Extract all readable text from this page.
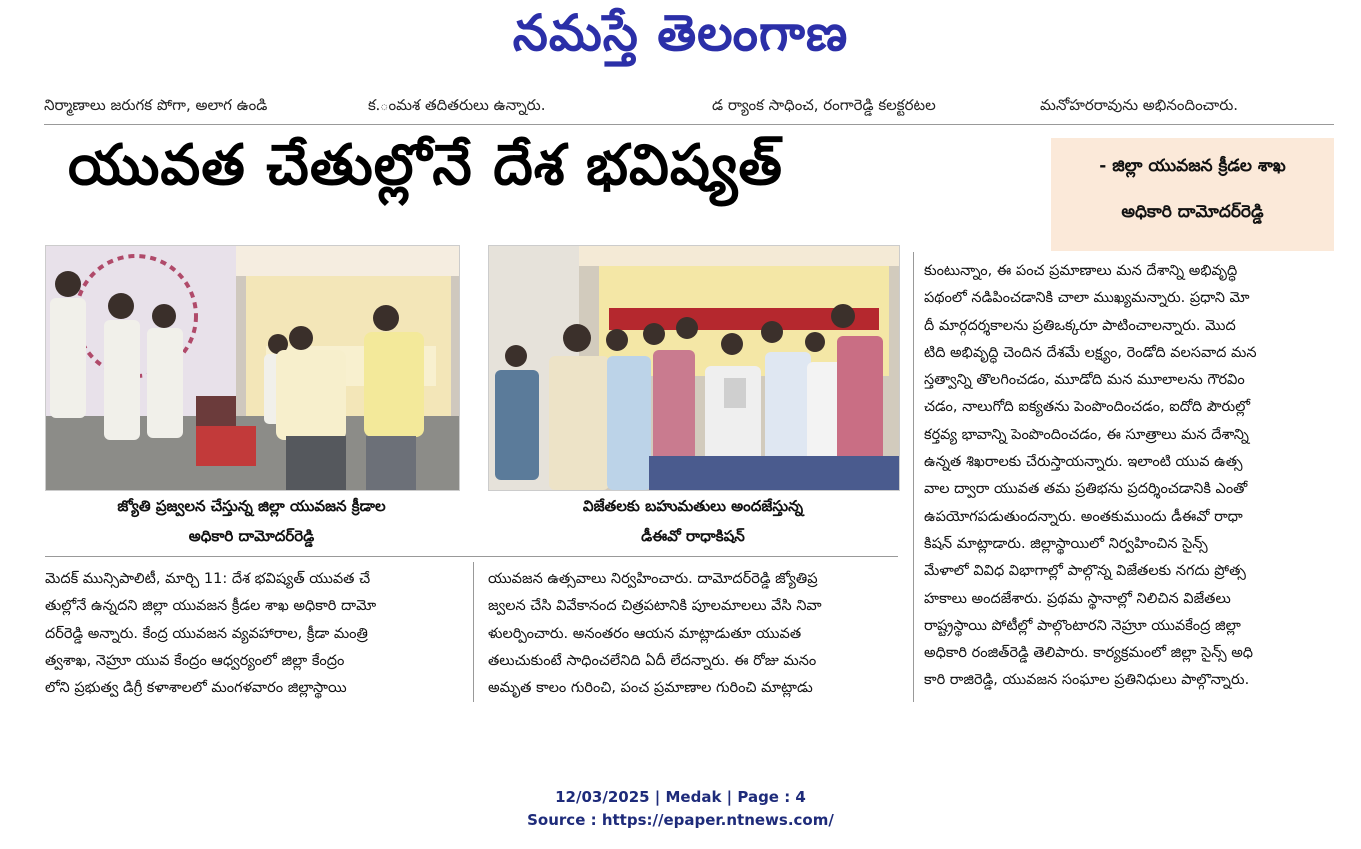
నమస్తే తెలంగాణ
నిర్మాణాలు జరుగక పోగా, అలాగ ఉండి	క.ంమశ తదితరులు ఉన్నారు.	డ ర్యాంక సాధించ, రంగారెడ్డి కలక్టరటల	మనోహరరావును అభినందించారు.
యువత చేతుల్లోనే దేశ భవిష్యత్	- జిల్లా యువజన క్రీడల శాఖ
అధికారి దామోదర్‌రెడ్డి
జ్యోతి ప్రజ్వలన చేస్తున్న జిల్లా యువజన క్రీడాల
అధికారి దామోదర్‌రెడ్డి
విజేతలకు బహుమతులు అందజేస్తున్న
డీఈవో రాధాకిషన్
మెదక్ మున్సిపాలిటీ, మార్చి 11: దేశ భవిష్యత్ యువత చే
తుల్లోనే ఉన్నదని జిల్లా యువజన క్రీడల శాఖ అధికారి దామో
దర్‌రెడ్డి అన్నారు. కేంద్ర యువజన వ్యవహారాల, క్రీడా మంత్రి
త్వశాఖ, నెహ్రూ యువ కేంద్రం ఆధ్వర్యంలో జిల్లా కేంద్రం
లోని ప్రభుత్వ డిగ్రీ కళాశాలలో మంగళవారం జిల్లాస్థాయి
యువజన ఉత్సవాలు నిర్వహించారు. దామోదర్‌రెడ్డి జ్యోతిప్ర
జ్వలన చేసి వివేకానంద చిత్రపటానికి పూలమాలలు వేసి నివా
ళులర్పించారు. అనంతరం ఆయన మాట్లాడుతూ యువత
తలుచుకుంటే సాధించలేనిది ఏదీ లేదన్నారు. ఈ రోజు మనం
అమృత కాలం గురించి, పంచ ప్రమాణాల గురించి మాట్లాడు
కుంటున్నాం, ఈ పంచ ప్రమాణాలు మన దేశాన్ని అభివృద్ధి
పథంలో నడిపించడానికి చాలా ముఖ్యమన్నారు. ప్రధాని మో
దీ మార్గదర్శకాలను ప్రతిఒక్కరూ పాటించాలన్నారు. మొద
టిది అభివృద్ధి చెందిన దేశమే లక్ష్యం, రెండోది వలసవాద మన
స్తత్వాన్ని తొలగించడం, మూడోది మన మూలాలను గౌరవిం
చడం, నాలుగోది ఐక్యతను పెంపొందించడం, ఐదోది పౌరుల్లో
కర్తవ్య భావాన్ని పెంపొందించడం, ఈ సూత్రాలు మన దేశాన్ని
ఉన్నత శిఖరాలకు చేరుస్తాయన్నారు. ఇలాంటి యువ ఉత్స
వాల ద్వారా యువత తమ ప్రతిభను ప్రదర్శించడానికి ఎంతో
ఉపయోగపడుతుందన్నారు. అంతకుముందు డీఈవో రాధా
కిషన్ మాట్లాడారు. జిల్లాస్థాయిలో నిర్వహించిన సైన్స్
మేళాలో వివిధ విభాగాల్లో పాల్గొన్న విజేతలకు నగదు ప్రోత్స
హకాలు అందజేశారు. ప్రథమ స్థానాల్లో నిలిచిన విజేతలు
రాష్ట్రస్థాయి పోటీల్లో పాల్గొంటారని నెహ్రూ యువకేంద్ర జిల్లా
అధికారి రంజిత్‌రెడ్డి తెలిపారు. కార్యక్రమంలో జిల్లా సైన్స్ అధి
కారి రాజిరెడ్డి, యువజన సంఘాల ప్రతినిధులు పాల్గొన్నారు.
12/03/2025 | Medak | Page : 4
Source : https://epaper.ntnews.com/
